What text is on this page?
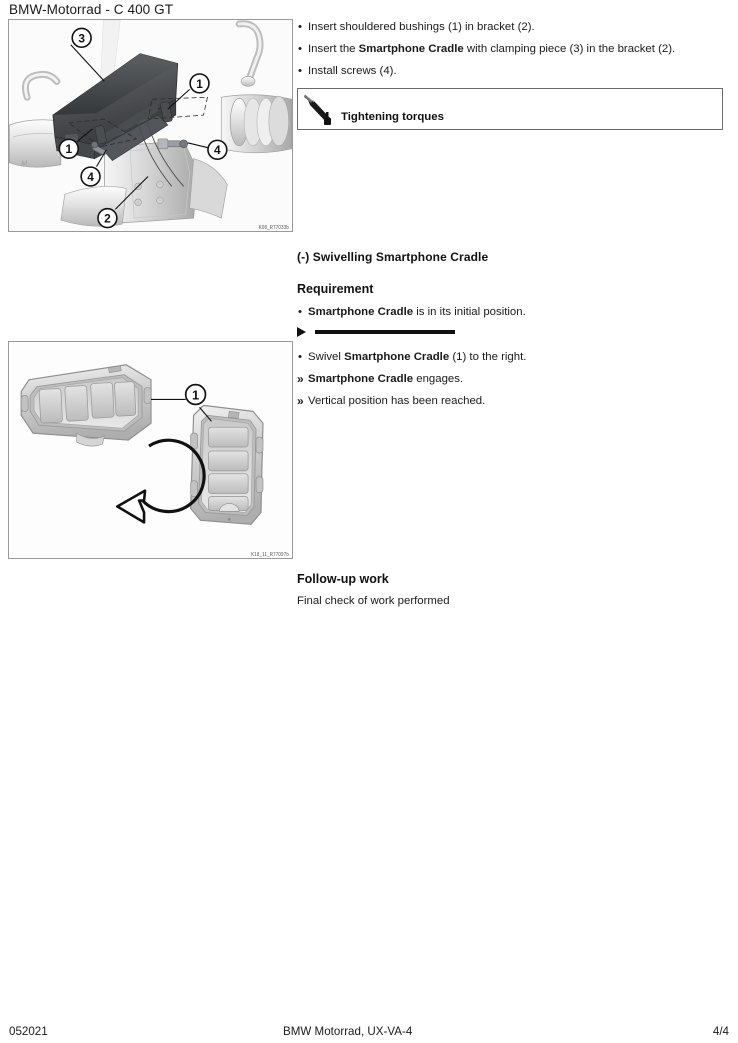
BMW-Motorrad - C 400 GT
M
3
1
1
4
4
2
K08_R77033b
1
K18_11_R77097b
• Insert shouldered bushings (1) in bracket (2).
• Insert the Smartphone Cradle with clamping piece (3) in the bracket (2).
• Install screws (4).
Tightening torques
(-) Swivelling Smartphone Cradle
Requirement
• Smartphone Cradle is in its initial position.
• Swivel Smartphone Cradle (1) to the right.
» Smartphone Cradle engages.
» Vertical position has been reached.
Follow-up work

Final check of work performed

052021	BMW Motorrad, UX-VA-4	4/4
